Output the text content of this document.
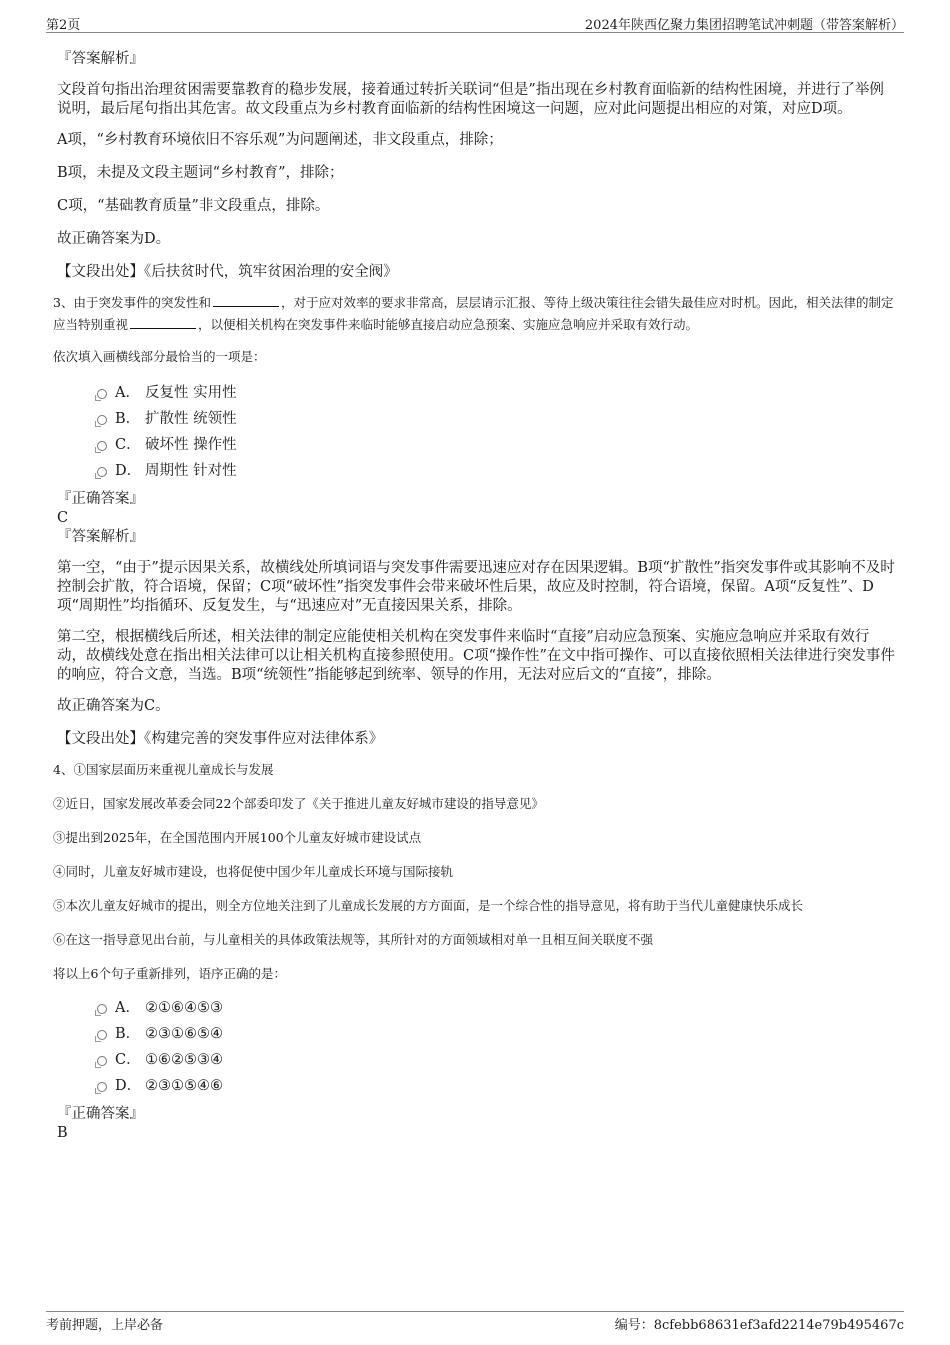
第2页	2024年陕西亿聚力集团招聘笔试冲刺题（带答案解析）

『答案解析』

文段首句指出治理贫困需要靠教育的稳步发展，接着通过转折关联词“但是”指出现在乡村教育面临新的结构性困境，并进行了举例说明，最后尾句指出其危害。故文段重点为乡村教育面临新的结构性困境这一问题，应对此问题提出相应的对策，对应D项。

A项，“乡村教育环境依旧不容乐观”为问题阐述，非文段重点，排除；

B项，未提及文段主题词“乡村教育”，排除；

C项，“基础教育质量”非文段重点，排除。

故正确答案为D。

【文段出处】《后扶贫时代，筑牢贫困治理的安全阀》

3、由于突发事件的突发性和	，对于应对效率的要求非常高，层层请示汇报、等待上级决策往往会错失最佳应对时机。因此，相关法律的制定应当特别重视	，以便相关机构在突发事件来临时能够直接启动应急预案、实施应急响应并采取有效行动。

依次填入画横线部分最恰当的一项是：

A． 反复性 实用性
B． 扩散性 统领性
C． 破坏性 操作性
D． 周期性 针对性

『正确答案』

C

『答案解析』

第一空，“由于”提示因果关系，故横线处所填词语与突发事件需要迅速应对存在因果逻辑。B项“扩散性”指突发事件或其影响不及时控制会扩散，符合语境，保留；C项“破坏性”指突发事件会带来破坏性后果，故应及时控制，符合语境，保留。A项“反复性”、D项“周期性”均指循环、反复发生，与“迅速应对”无直接因果关系，排除。

第二空，根据横线后所述，相关法律的制定应能使相关机构在突发事件来临时“直接”启动应急预案、实施应急响应并采取有效行动，故横线处意在指出相关法律可以让相关机构直接参照使用。C项“操作性”在文中指可操作、可以直接依照相关法律进行突发事件的响应，符合文意，当选。B项“统领性”指能够起到统率、领导的作用，无法对应后文的“直接”，排除。

故正确答案为C。

【文段出处】《构建完善的突发事件应对法律体系》

4、①国家层面历来重视儿童成长与发展

②近日，国家发展改革委会同22个部委印发了《关于推进儿童友好城市建设的指导意见》

③提出到2025年，在全国范围内开展100个儿童友好城市建设试点

④同时，儿童友好城市建设，也将促使中国少年儿童成长环境与国际接轨

⑤本次儿童友好城市的提出，则全方位地关注到了儿童成长发展的方方面面，是一个综合性的指导意见，将有助于当代儿童健康快乐成长

⑥在这一指导意见出台前，与儿童相关的具体政策法规等，其所针对的方面领域相对单一且相互间关联度不强

将以上6个句子重新排列，语序正确的是：

A． ②①⑥④⑤③
B． ②③①⑥⑤④
C． ①⑥②⑤③④
D． ②③①⑤④⑥

『正确答案』

B

考前押题，上岸必备	编号：8cfebb68631ef3afd2214e79b495467c
